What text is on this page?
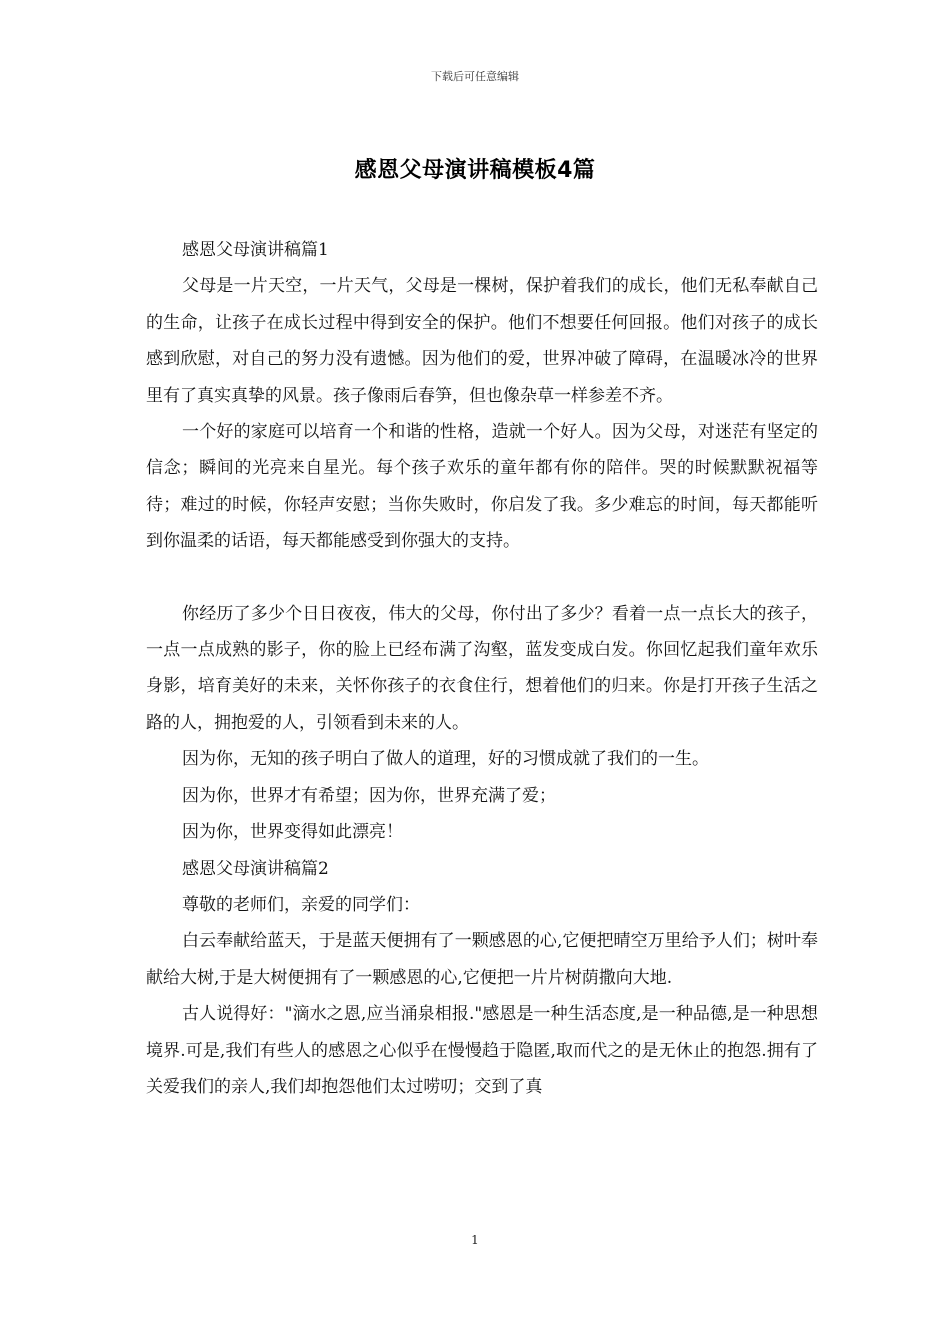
下载后可任意编辑
感恩父母演讲稿模板4篇

感恩父母演讲稿篇1

父母是一片天空，一片天气，父母是一棵树，保护着我们的成长，他们无私奉献自己的生命，让孩子在成长过程中得到安全的保护。他们不想要任何回报。他们对孩子的成长感到欣慰，对自己的努力没有遗憾。因为他们的爱，世界冲破了障碍，在温暖冰冷的世界里有了真实真挚的风景。孩子像雨后春笋，但也像杂草一样参差不齐。

一个好的家庭可以培育一个和谐的性格，造就一个好人。因为父母，对迷茫有坚定的信念；瞬间的光亮来自星光。每个孩子欢乐的童年都有你的陪伴。哭的时候默默祝福等待；难过的时候，你轻声安慰；当你失败时，你启发了我。多少难忘的时间，每天都能听到你温柔的话语，每天都能感受到你强大的支持。

你经历了多少个日日夜夜，伟大的父母，你付出了多少？看着一点一点长大的孩子，一点一点成熟的影子，你的脸上已经布满了沟壑，蓝发变成白发。你回忆起我们童年欢乐身影，培育美好的未来，关怀你孩子的衣食住行，想着他们的归来。你是打开孩子生活之路的人，拥抱爱的人，引领看到未来的人。

因为你，无知的孩子明白了做人的道理，好的习惯成就了我们的一生。

因为你，世界才有希望；因为你，世界充满了爱；

因为你，世界变得如此漂亮！

感恩父母演讲稿篇2

尊敬的老师们，亲爱的同学们：

白云奉献给蓝天，于是蓝天便拥有了一颗感恩的心,它便把晴空万里给予人们；树叶奉献给大树,于是大树便拥有了一颗感恩的心,它便把一片片树荫撒向大地.

古人说得好："滴水之恩,应当涌泉相报."感恩是一种生活态度,是一种品德,是一种思想境界.可是,我们有些人的感恩之心似乎在慢慢趋于隐匿,取而代之的是无休止的抱怨.拥有了关爱我们的亲人,我们却抱怨他们太过唠叨；交到了真

1
